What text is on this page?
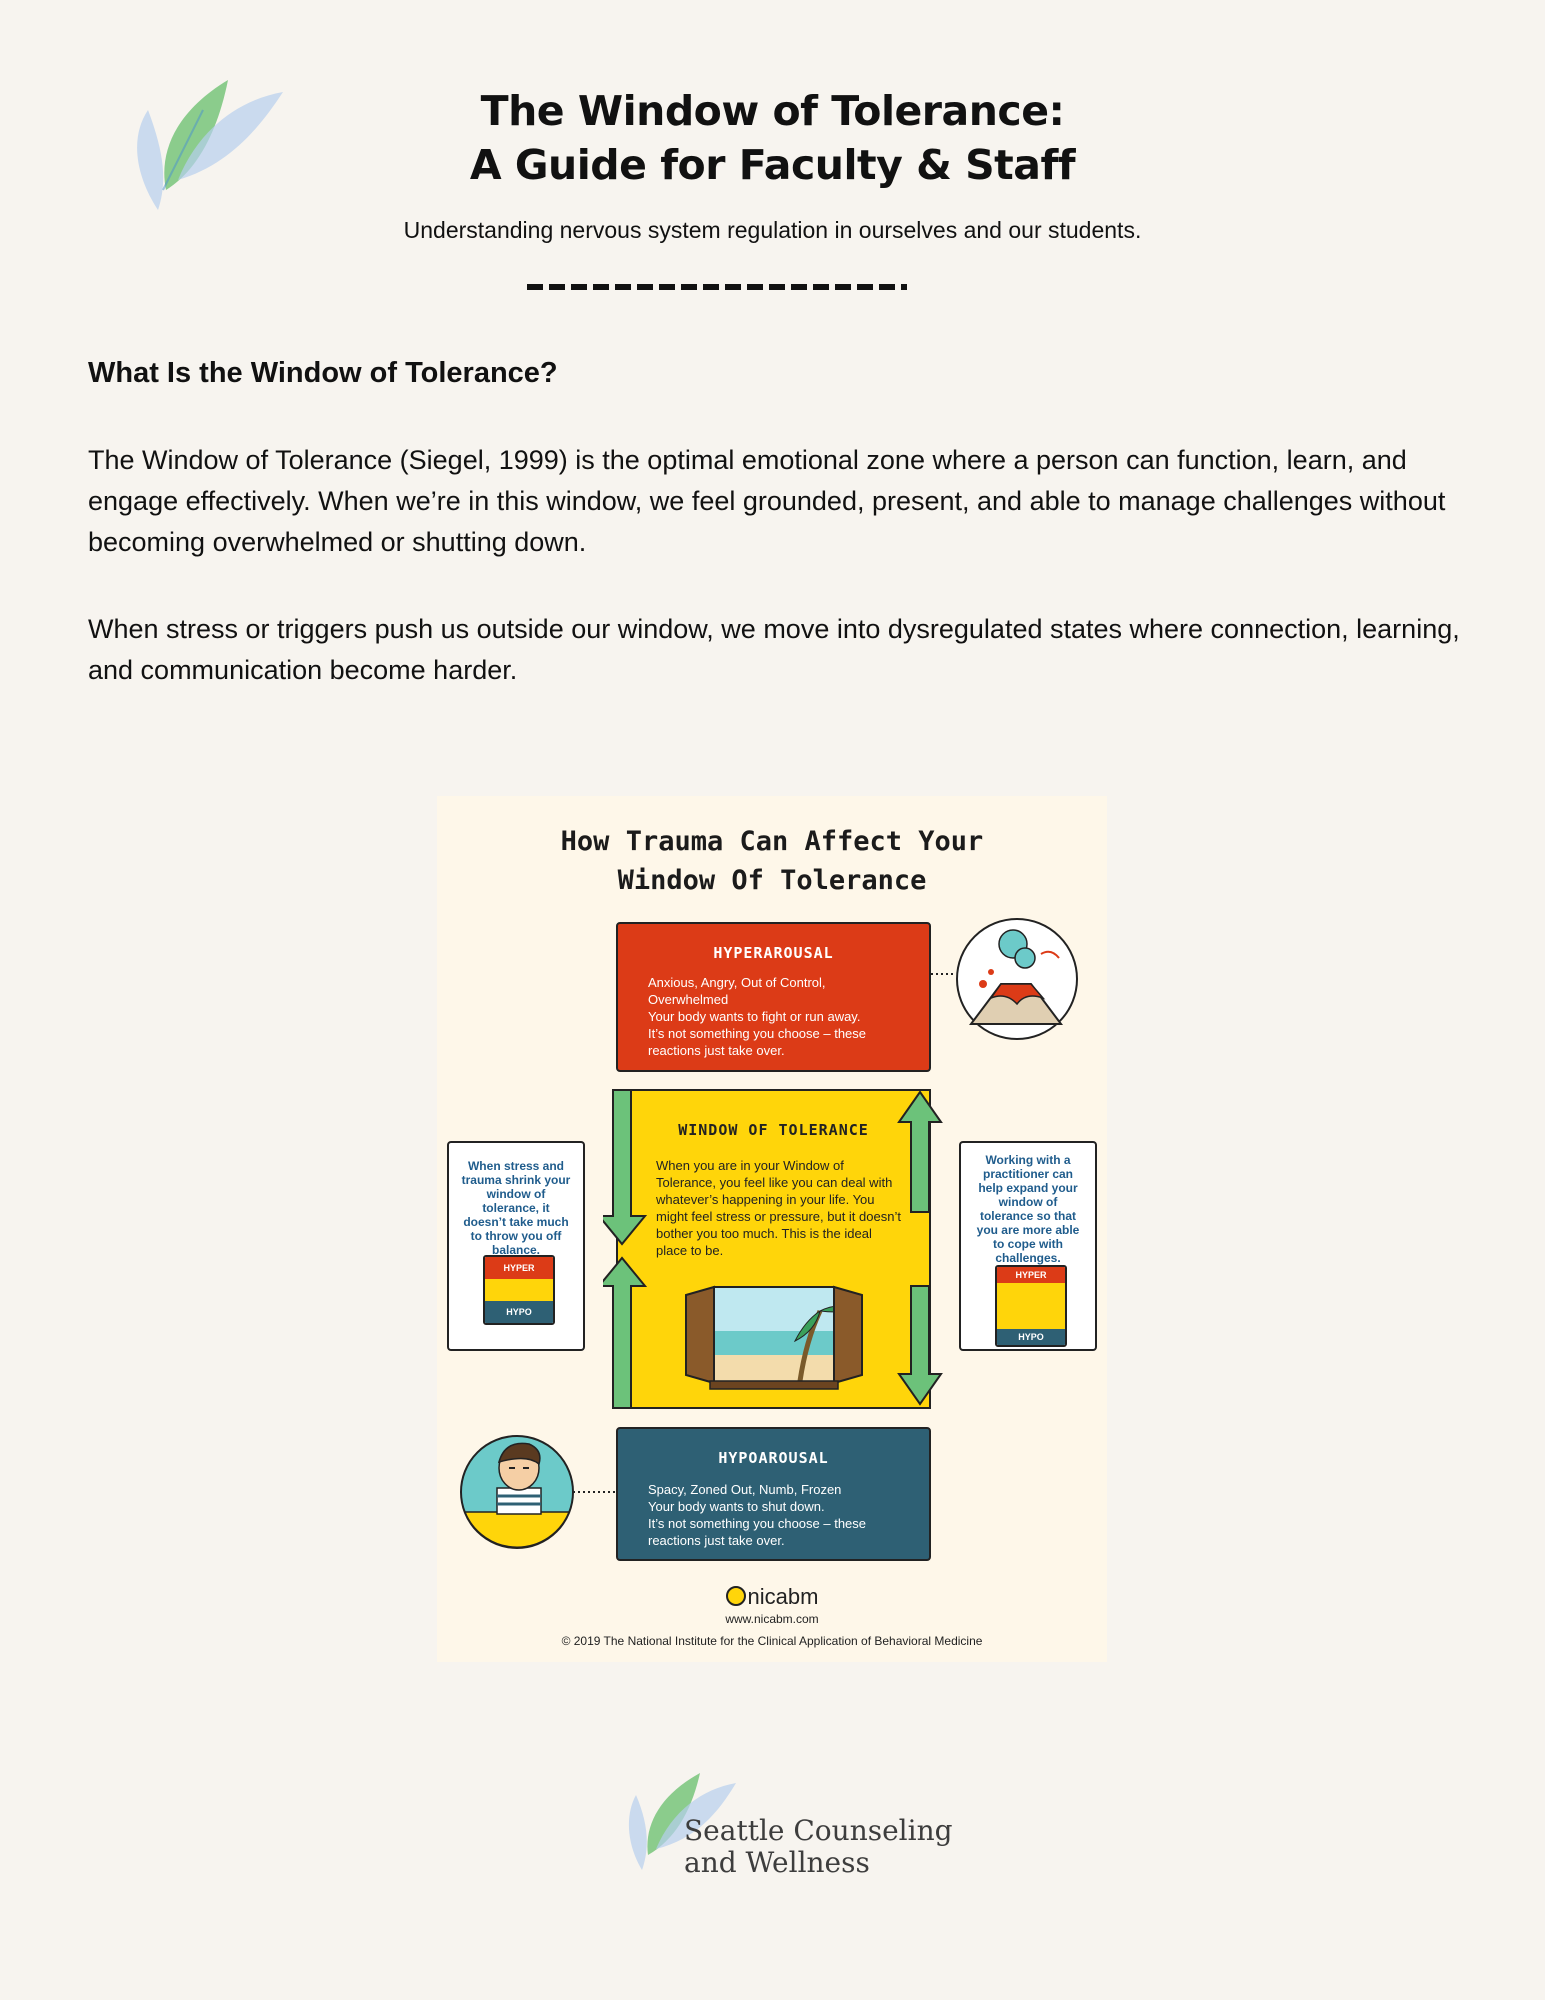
The Window of Tolerance:
A Guide for Faculty & Staff
Understanding nervous system regulation in ourselves and our students.
What Is the Window of Tolerance?
The Window of Tolerance (Siegel, 1999) is the optimal emotional zone where a person can function, learn, and engage effectively. When we’re in this window, we feel grounded, present, and able to manage challenges without becoming overwhelmed or shutting down.
When stress or triggers push us outside our window, we move into dysregulated states where connection, learning, and communication become harder.
How Trauma Can Affect Your
Window Of Tolerance
HYPERAROUSAL
Anxious, Angry, Out of Control, Overwhelmed
Your body wants to fight or run away.
It’s not something you choose – these reactions just take over.
WINDOW OF TOLERANCE
When you are in your Window of Tolerance, you feel like you can deal with whatever’s happening in your life. You might feel stress or pressure, but it doesn’t bother you too much. This is the ideal place to be.
When stress and trauma shrink your window of tolerance, it doesn’t take much to throw you off balance.
HYPER
HYPO
Working with a practitioner can help expand your window of tolerance so that you are more able to cope with challenges.
HYPER
HYPO
HYPOAROUSAL
Spacy, Zoned Out, Numb, Frozen
Your body wants to shut down.
It’s not something you choose – these reactions just take over.
nicabm
www.nicabm.com
© 2019 The National Institute for the Clinical Application of Behavioral Medicine
Seattle Counseling
and Wellness
